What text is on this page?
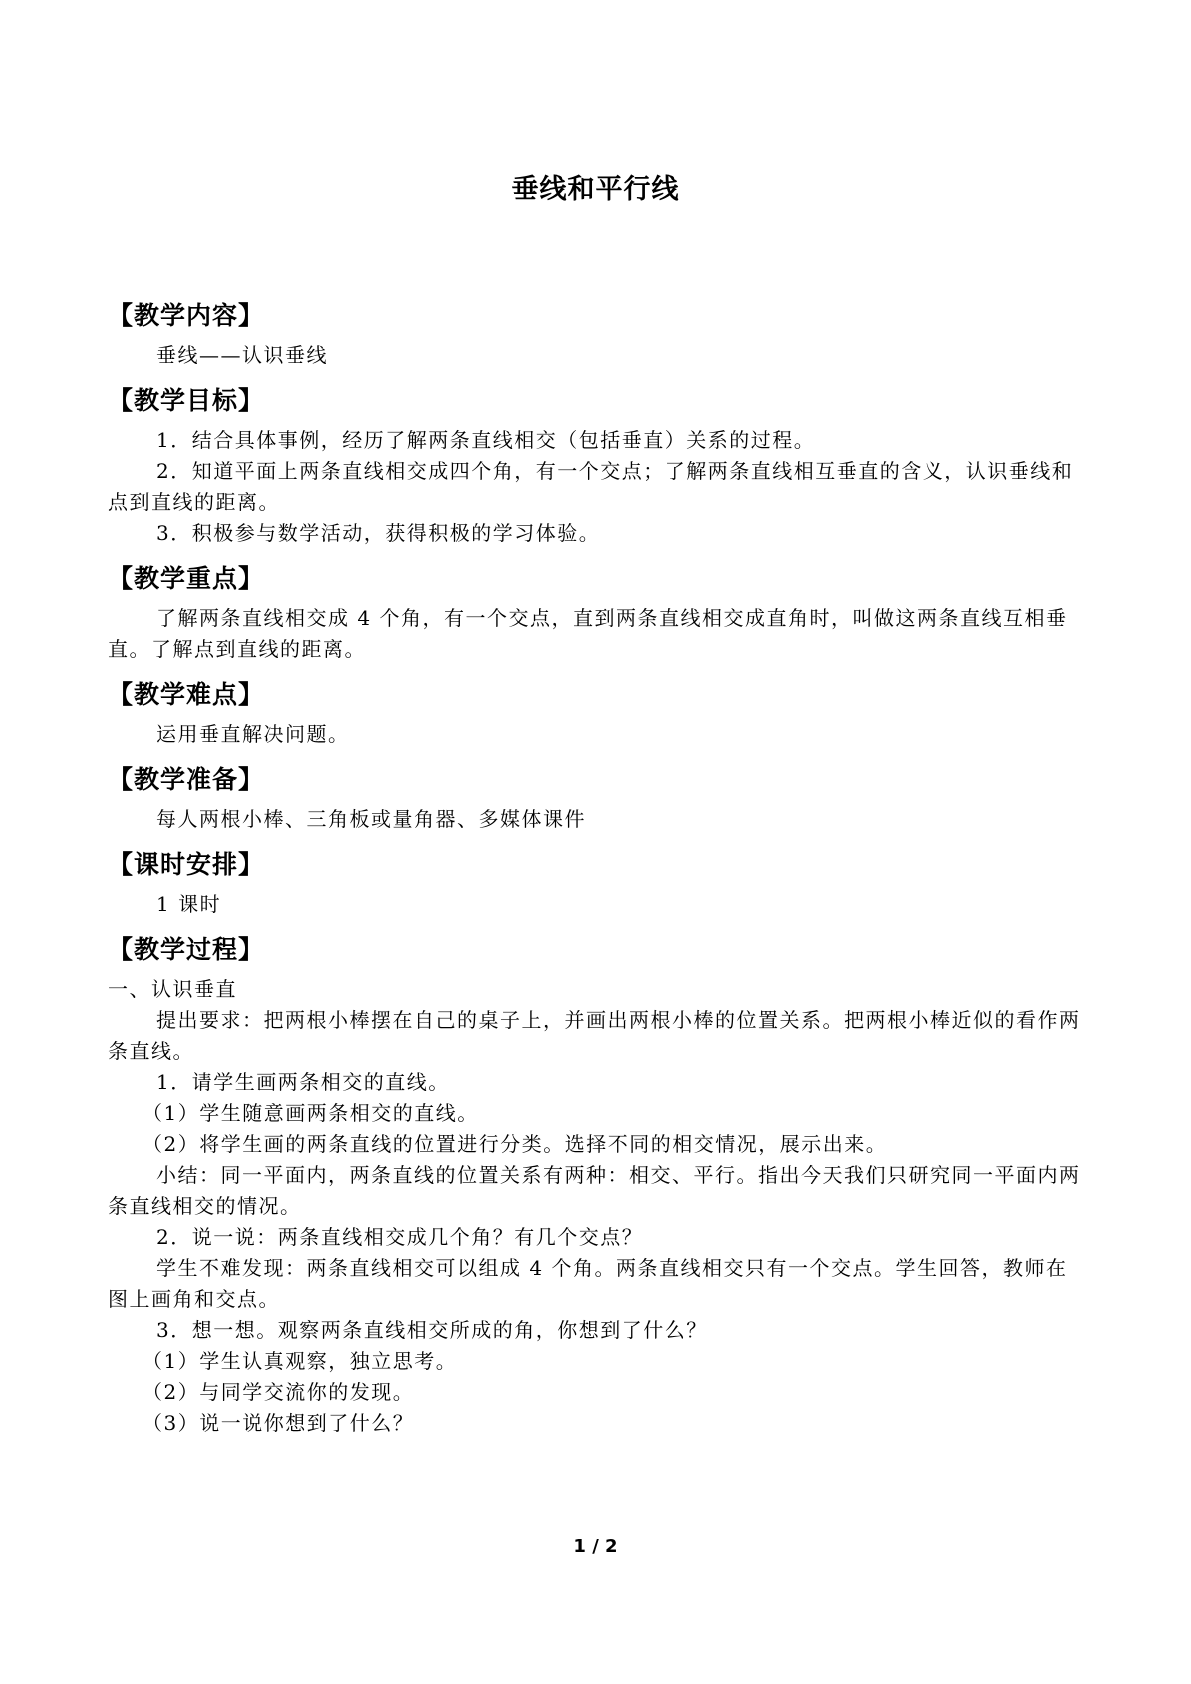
垂线和平行线
【教学内容】

垂线——认识垂线

【教学目标】

1．结合具体事例，经历了解两条直线相交（包括垂直）关系的过程。

2．知道平面上两条直线相交成四个角，有一个交点；了解两条直线相互垂直的含义，认识垂线和点到直线的距离。

3．积极参与数学活动，获得积极的学习体验。

【教学重点】

了解两条直线相交成 4 个角，有一个交点，直到两条直线相交成直角时，叫做这两条直线互相垂直。了解点到直线的距离。

【教学难点】

运用垂直解决问题。

【教学准备】

每人两根小棒、三角板或量角器、多媒体课件

【课时安排】

1 课时

【教学过程】

一、认识垂直

提出要求：把两根小棒摆在自己的桌子上，并画出两根小棒的位置关系。把两根小棒近似的看作两条直线。

1．请学生画两条相交的直线。

（1）学生随意画两条相交的直线。

（2）将学生画的两条直线的位置进行分类。选择不同的相交情况，展示出来。

小结：同一平面内，两条直线的位置关系有两种：相交、平行。指出今天我们只研究同一平面内两条直线相交的情况。

2．说一说：两条直线相交成几个角？有几个交点？

学生不难发现：两条直线相交可以组成 4 个角。两条直线相交只有一个交点。学生回答，教师在图上画角和交点。

3．想一想。观察两条直线相交所成的角，你想到了什么？

（1）学生认真观察，独立思考。

（2）与同学交流你的发现。

（3）说一说你想到了什么？

1 / 2
